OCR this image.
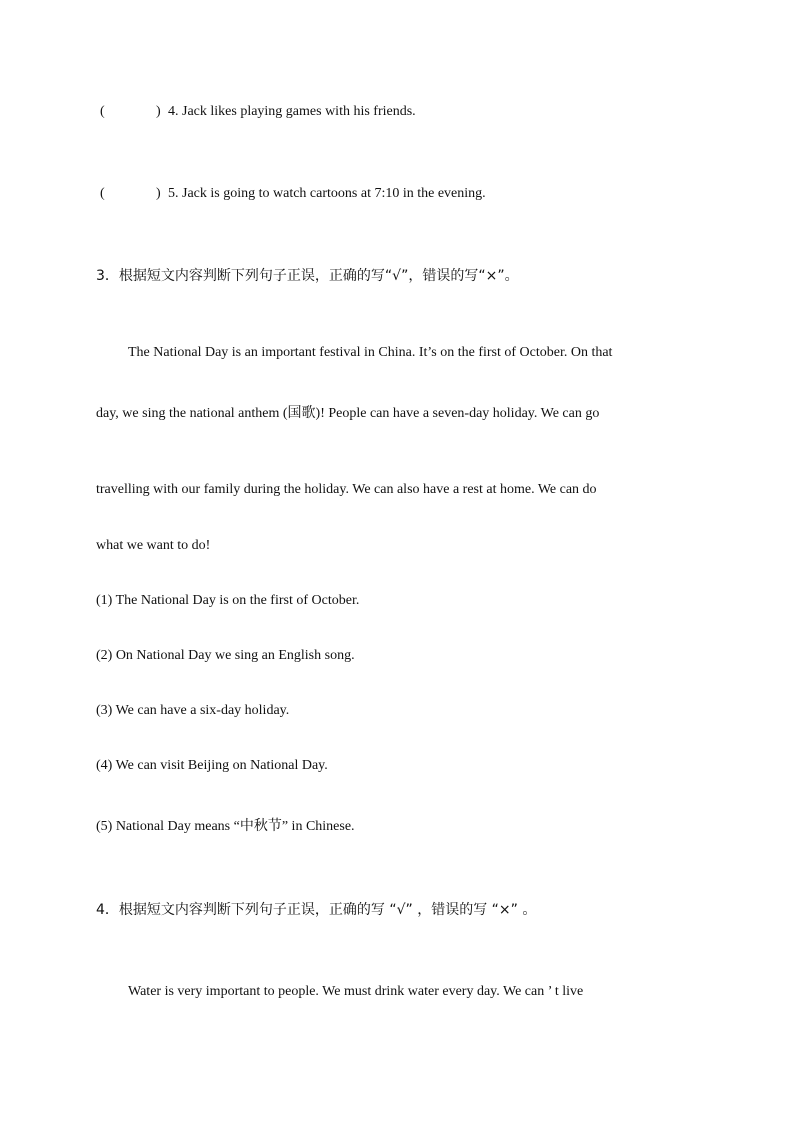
(	) 4. Jack likes playing games with his friends.
(	) 5. Jack is going to watch cartoons at 7:10 in the evening.
3．根据短文内容判断下列句子正误，正确的写“√”，错误的写“×”。
The National Day is an important festival in China. It’s on the first of October. On that
day, we sing the national anthem (国歌)! People can have a seven-day holiday. We can go
travelling with our family during the holiday. We can also have a rest at home. We can do
what we want to do!
(1) The National Day is on the first of October.
(2) On National Day we sing an English song.
(3) We can have a six-day holiday.
(4) We can visit Beijing on National Day.
(5) National Day means “中秋节” in Chinese.
4．根据短文内容判断下列句子正误，正确的写 “√” ，错误的写 “×” 。
Water is very important to people. We must drink water every day. We can ’ t live
